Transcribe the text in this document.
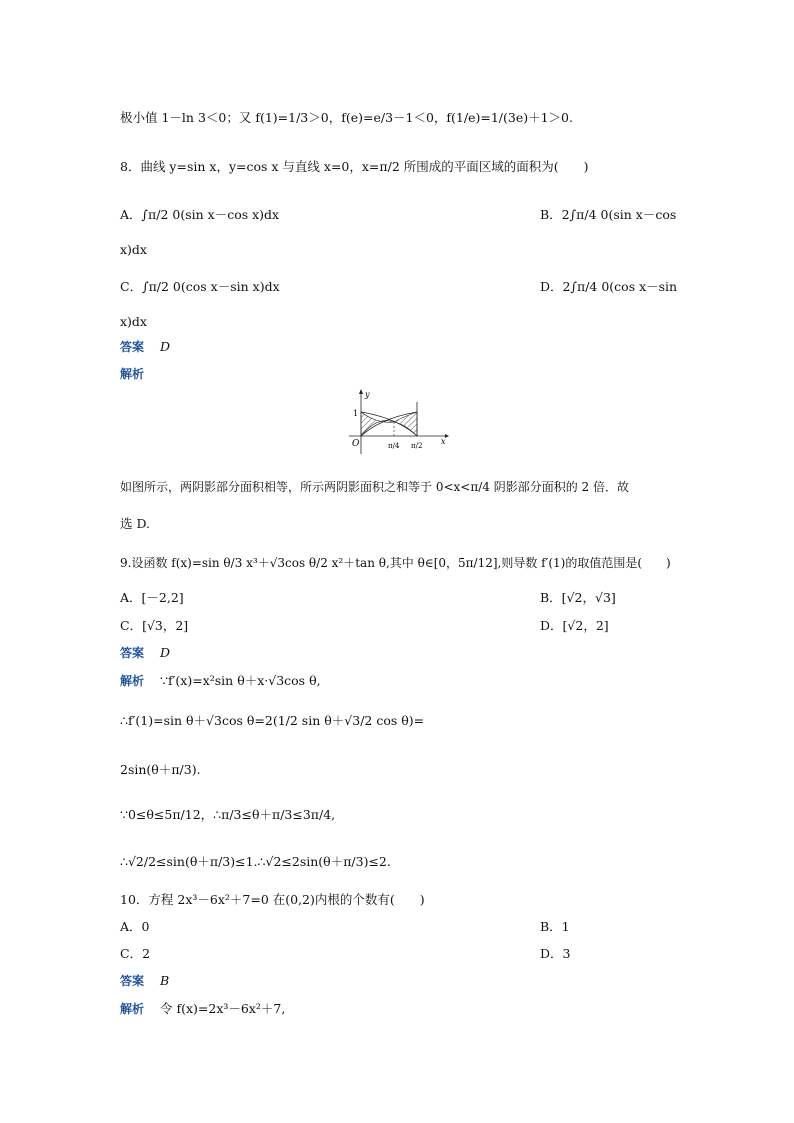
极小值 1－ln 3＜0；又 f(1)=1/3＞0，f(e)=e/3－1＜0，f(1/e)=1/(3e)＋1＞0.
8．曲线 y=sin x，y=cos x 与直线 x=0，x=π/2 所围成的平面区域的面积为(　　)
A．∫π/2 0(sin x－cos x)dx	B．2∫π/4 0(sin x－cos
x)dx
C．∫π/2 0(cos x－sin x)dx	D．2∫π/4 0(cos x－sin
x)dx
答案 D
解析
y
x
O
1
π/4 π/2
如图所示，两阴影部分面积相等，所示两阴影面积之和等于 0<x<π/4 阴影部分面积的 2 倍．故
选 D.
9.设函数 f(x)=sin θ/3 x³＋√3cos θ/2 x²＋tan θ,其中 θ∈[0，5π/12],则导数 f′(1)的取值范围是(　　)
A．[－2,2]	B．[√2，√3]
C．[√3，2]	D．[√2，2]
答案 D
解析 ∵f′(x)=x²sin θ＋x·√3cos θ,
∴f′(1)=sin θ＋√3cos θ=2(1/2 sin θ＋√3/2 cos θ)=
2sin(θ＋π/3).
∵0≤θ≤5π/12，∴π/3≤θ＋π/3≤3π/4,
∴√2/2≤sin(θ＋π/3)≤1.∴√2≤2sin(θ＋π/3)≤2.
10．方程 2x³－6x²＋7=0 在(0,2)内根的个数有(　　)
A．0	B．1
C．2	D．3
答案 B
解析 令 f(x)=2x³－6x²＋7,
